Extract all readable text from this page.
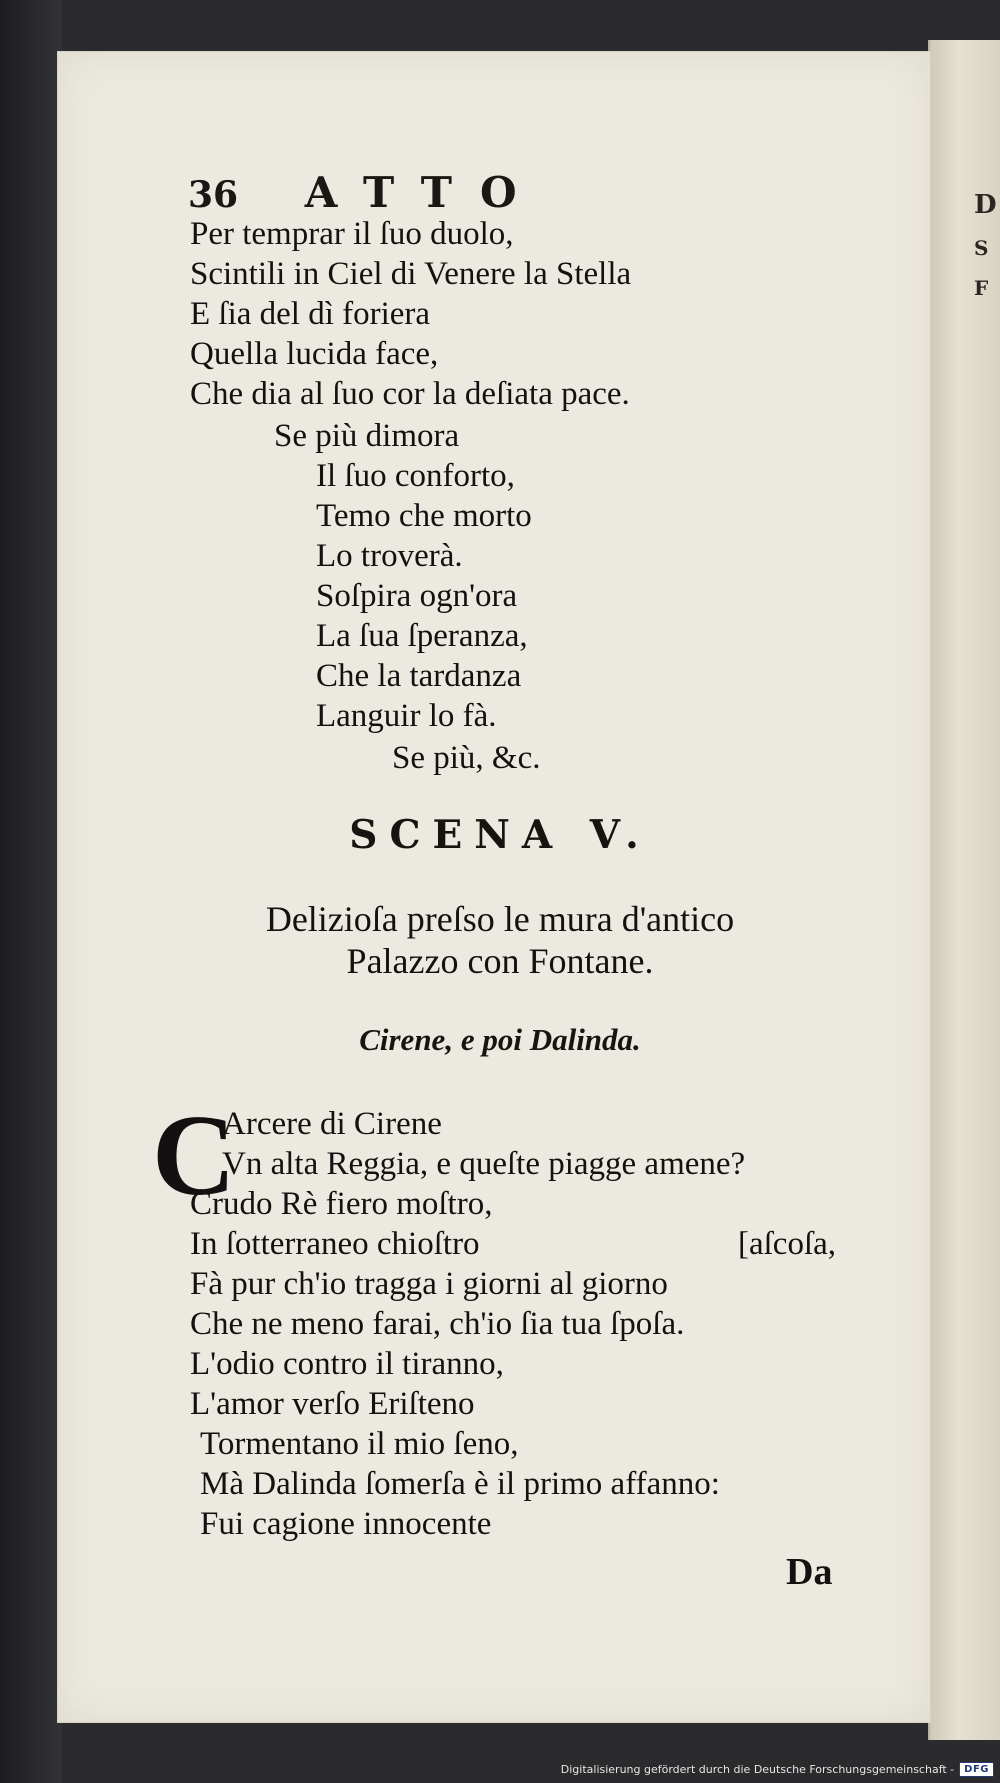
D
S
F
36 ATTO
Per temprar il ſuo duolo,
Scintili in Ciel di Venere la Stella
E ſia del dì foriera
Quella lucida face,
Che dia al ſuo cor la deſiata pace.
Se più dimora
Il ſuo conforto,
Temo che morto
Lo troverà.
Soſpira ogn'ora
La ſua ſperanza,
Che la tardanza
Languir lo fà.
Se più, &c.
SCENA V.
Delizioſa preſso le mura d'antico
Palazzo con Fontane.
Cirene, e poi Dalinda.
C
Arcere di Cirene
Vn alta Reggia, e queſte piagge amene?
Crudo Rè fiero moſtro,
In ſotterraneo chioſtro	[aſcoſa,
Fà pur ch'io tragga i giorni al giorno
Che ne meno farai, ch'io ſia tua ſpoſa.
L'odio contro il tiranno,
L'amor verſo Eriſteno
Tormentano il mio ſeno,
Mà Dalinda ſomerſa è il primo affanno:
Fui cagione innocente
Da
Digitalisierung gefördert durch die Deutsche Forschungsgemeinschaft -	DFG
